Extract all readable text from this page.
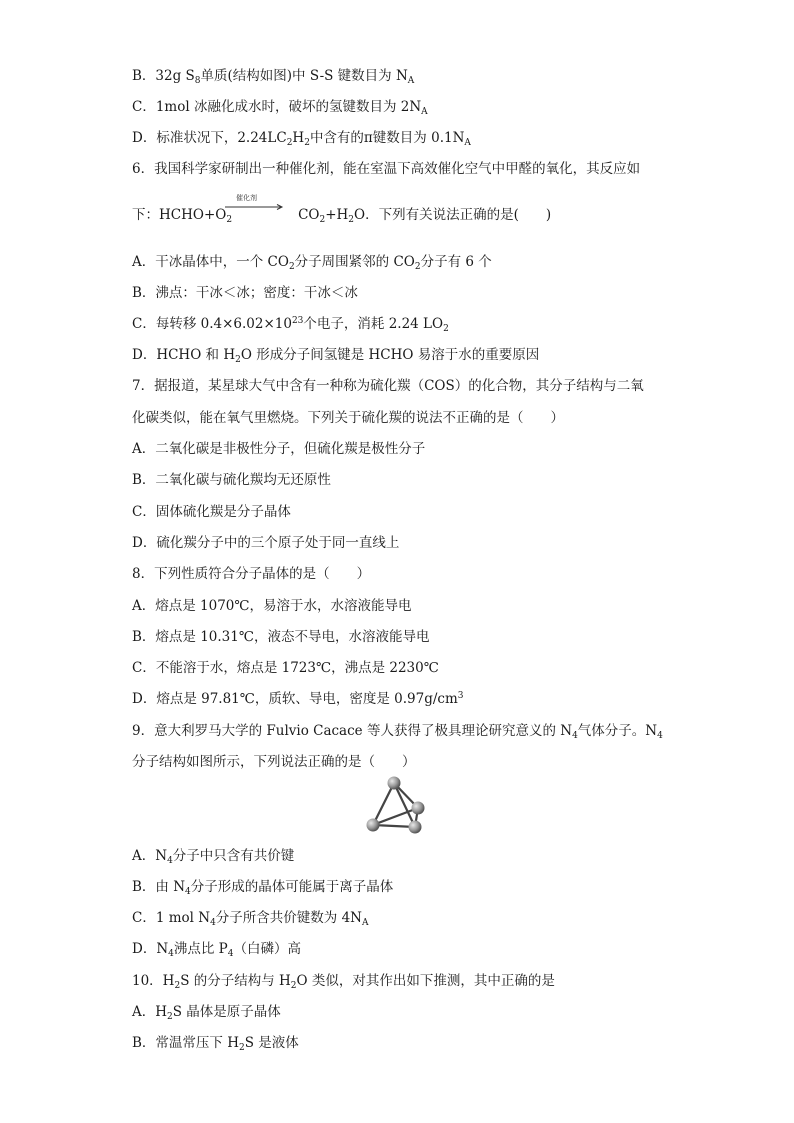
B．32g $S_8$单质(结构如图)中 S-S 键数目为 $N_A$
C．1mol 冰融化成水时，破坏的氢键数目为 $2N_A$
D．标准状况下，$2.24LC_2H_2$中含有的π键数目为 $0.1N_A$
6．我国科学家研制出一种催化剂，能在室温下高效催化空气中甲醛的氧化，其反应如
下：$HCHO+O_2$	$CO_2+H_2O$．下列有关说法正确的是(　　)
催化剂
A．干冰晶体中，一个 $CO_2$分子周围紧邻的 $CO_2$分子有 6 个
B．沸点：干冰＜冰；密度：干冰＜冰
C．每转移 $0.4\times 6.02\times 10^{23}$个电子，消耗 2.24 $LO_2$
D．HCHO 和 $H_2O$ 形成分子间氢键是 HCHO 易溶于水的重要原因
7．据报道，某星球大气中含有一种称为硫化羰（COS）的化合物，其分子结构与二氧
化碳类似，能在氧气里燃烧。下列关于硫化羰的说法不正确的是（　　）
A．二氧化碳是非极性分子，但硫化羰是极性分子
B．二氧化碳与硫化羰均无还原性
C．固体硫化羰是分子晶体
D．硫化羰分子中的三个原子处于同一直线上
8．下列性质符合分子晶体的是（　　）
A．熔点是 1070℃，易溶于水，水溶液能导电
B．熔点是 10.31℃，液态不导电，水溶液能导电
C．不能溶于水，熔点是 1723℃，沸点是 2230℃
D．熔点是 97.81℃，质软、导电，密度是 $0.97g/cm^3$
9．意大利罗马大学的 Fulvio Cacace 等人获得了极具理论研究意义的 $N_4$气体分子。$N_4$
分子结构如图所示，下列说法正确的是（　　）
A．$N_4$分子中只含有共价键
B．由 $N_4$分子形成的晶体可能属于离子晶体
C．1 mol $N_4$分子所含共价键数为 $4N_A$
D．$N_4$沸点比 $P_4$（白磷）高
10．$H_2S$ 的分子结构与 $H_2O$ 类似，对其作出如下推测，其中正确的是
A．$H_2S$ 晶体是原子晶体
B．常温常压下 $H_2S$ 是液体
